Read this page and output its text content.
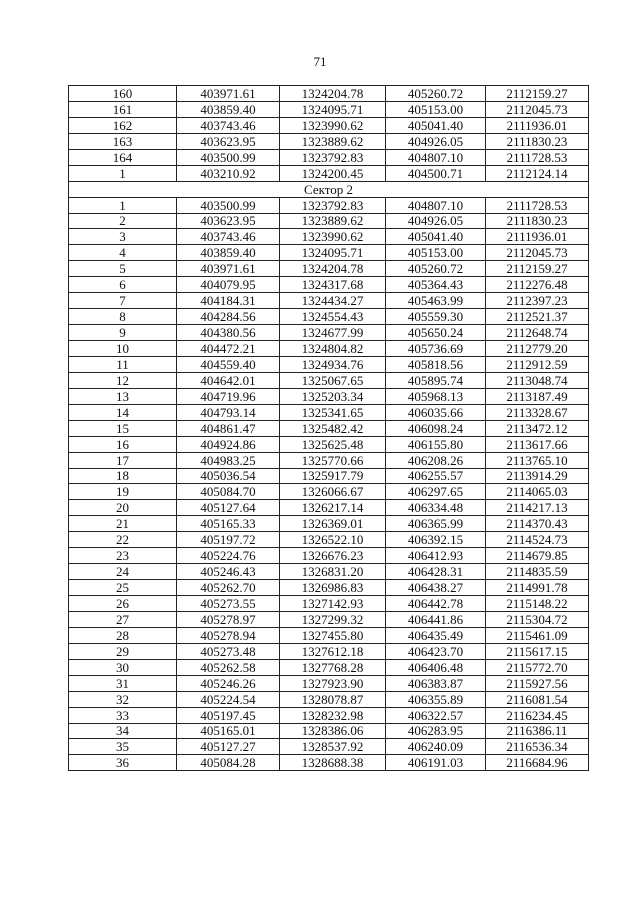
71
160	403971.61	1324204.78	405260.72	2112159.27
161	403859.40	1324095.71	405153.00	2112045.73
162	403743.46	1323990.62	405041.40	2111936.01
163	403623.95	1323889.62	404926.05	2111830.23
164	403500.99	1323792.83	404807.10	2111728.53
1	403210.92	1324200.45	404500.71	2112124.14
Сектор 2				
1	403500.99	1323792.83	404807.10	2111728.53
2	403623.95	1323889.62	404926.05	2111830.23
3	403743.46	1323990.62	405041.40	2111936.01
4	403859.40	1324095.71	405153.00	2112045.73
5	403971.61	1324204.78	405260.72	2112159.27
6	404079.95	1324317.68	405364.43	2112276.48
7	404184.31	1324434.27	405463.99	2112397.23
8	404284.56	1324554.43	405559.30	2112521.37
9	404380.56	1324677.99	405650.24	2112648.74
10	404472.21	1324804.82	405736.69	2112779.20
11	404559.40	1324934.76	405818.56	2112912.59
12	404642.01	1325067.65	405895.74	2113048.74
13	404719.96	1325203.34	405968.13	2113187.49
14	404793.14	1325341.65	406035.66	2113328.67
15	404861.47	1325482.42	406098.24	2113472.12
16	404924.86	1325625.48	406155.80	2113617.66
17	404983.25	1325770.66	406208.26	2113765.10
18	405036.54	1325917.79	406255.57	2113914.29
19	405084.70	1326066.67	406297.65	2114065.03
20	405127.64	1326217.14	406334.48	2114217.13
21	405165.33	1326369.01	406365.99	2114370.43
22	405197.72	1326522.10	406392.15	2114524.73
23	405224.76	1326676.23	406412.93	2114679.85
24	405246.43	1326831.20	406428.31	2114835.59
25	405262.70	1326986.83	406438.27	2114991.78
26	405273.55	1327142.93	406442.78	2115148.22
27	405278.97	1327299.32	406441.86	2115304.72
28	405278.94	1327455.80	406435.49	2115461.09
29	405273.48	1327612.18	406423.70	2115617.15
30	405262.58	1327768.28	406406.48	2115772.70
31	405246.26	1327923.90	406383.87	2115927.56
32	405224.54	1328078.87	406355.89	2116081.54
33	405197.45	1328232.98	406322.57	2116234.45
34	405165.01	1328386.06	406283.95	2116386.11
35	405127.27	1328537.92	406240.09	2116536.34
36	405084.28	1328688.38	406191.03	2116684.96
